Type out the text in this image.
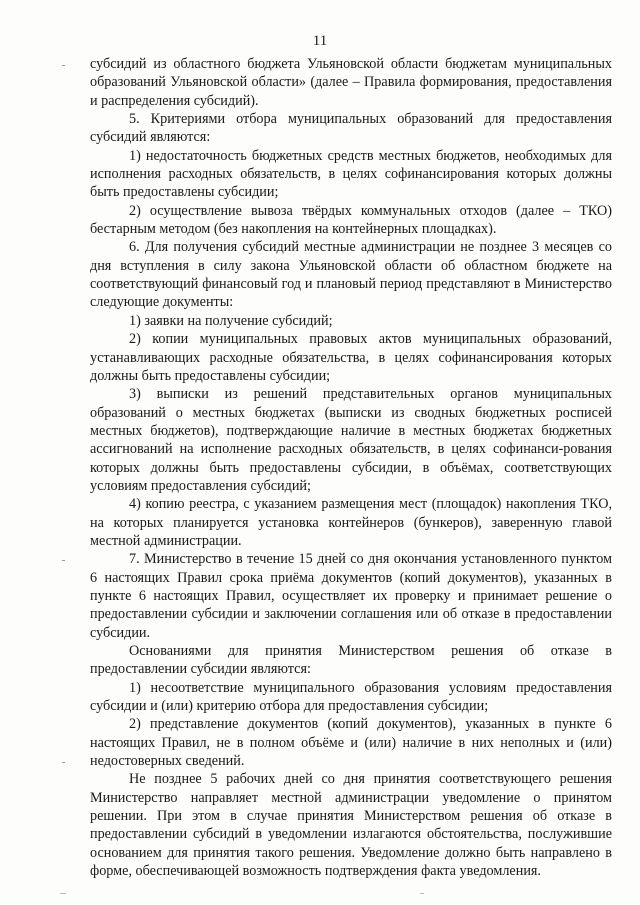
11

субсидий из областного бюджета Ульяновской области бюджетам муниципальных образований Ульяновской области» (далее – Правила формирования, предоставления и распределения субсидий).

5. Критериями отбора муниципальных образований для предоставления субсидий являются:

1) недостаточность бюджетных средств местных бюджетов, необходимых для исполнения расходных обязательств, в целях софинансирования которых должны быть предоставлены субсидии;

2) осуществление вывоза твёрдых коммунальных отходов (далее – ТКО) бестарным методом (без накопления на контейнерных площадках).

6. Для получения субсидий местные администрации не позднее 3 месяцев со дня вступления в силу закона Ульяновской области об областном бюджете на соответствующий финансовый год и плановый период представляют в Министерство следующие документы:

1) заявки на получение субсидий;

2) копии муниципальных правовых актов муниципальных образований, устанавливающих расходные обязательства, в целях софинансирования которых должны быть предоставлены субсидии;

3) выписки из решений представительных органов муниципальных образований о местных бюджетах (выписки из сводных бюджетных росписей местных бюджетов), подтверждающие наличие в местных бюджетах бюджетных ассигнований на исполнение расходных обязательств, в целях софинанси-рования которых должны быть предоставлены субсидии, в объёмах, соответствующих условиям предоставления субсидий;

4) копию реестра, с указанием размещения мест (площадок) накопления ТКО, на которых планируется установка контейнеров (бункеров), заверенную главой местной администрации.

7. Министерство в течение 15 дней со дня окончания установленного пунктом 6 настоящих Правил срока приёма документов (копий документов), указанных в пункте 6 настоящих Правил, осуществляет их проверку и принимает решение о предоставлении субсидии и заключении соглашения или об отказе в предоставлении субсидии.

Основаниями для принятия Министерством решения об отказе в предоставлении субсидии являются:

1) несоответствие муниципального образования условиям предоставления субсидии и (или) критерию отбора для предоставления субсидии;

2) представление документов (копий документов), указанных в пункте 6 настоящих Правил, не в полном объёме и (или) наличие в них неполных и (или) недостоверных сведений.

Не позднее 5 рабочих дней со дня принятия соответствующего решения Министерство направляет местной администрации уведомление о принятом решении. При этом в случае принятия Министерством решения об отказе в предоставлении субсидий в уведомлении излагаются обстоятельства, послужившие основанием для принятия такого решения. Уведомление должно быть направлено в форме, обеспечивающей возможность подтверждения факта уведомления.
